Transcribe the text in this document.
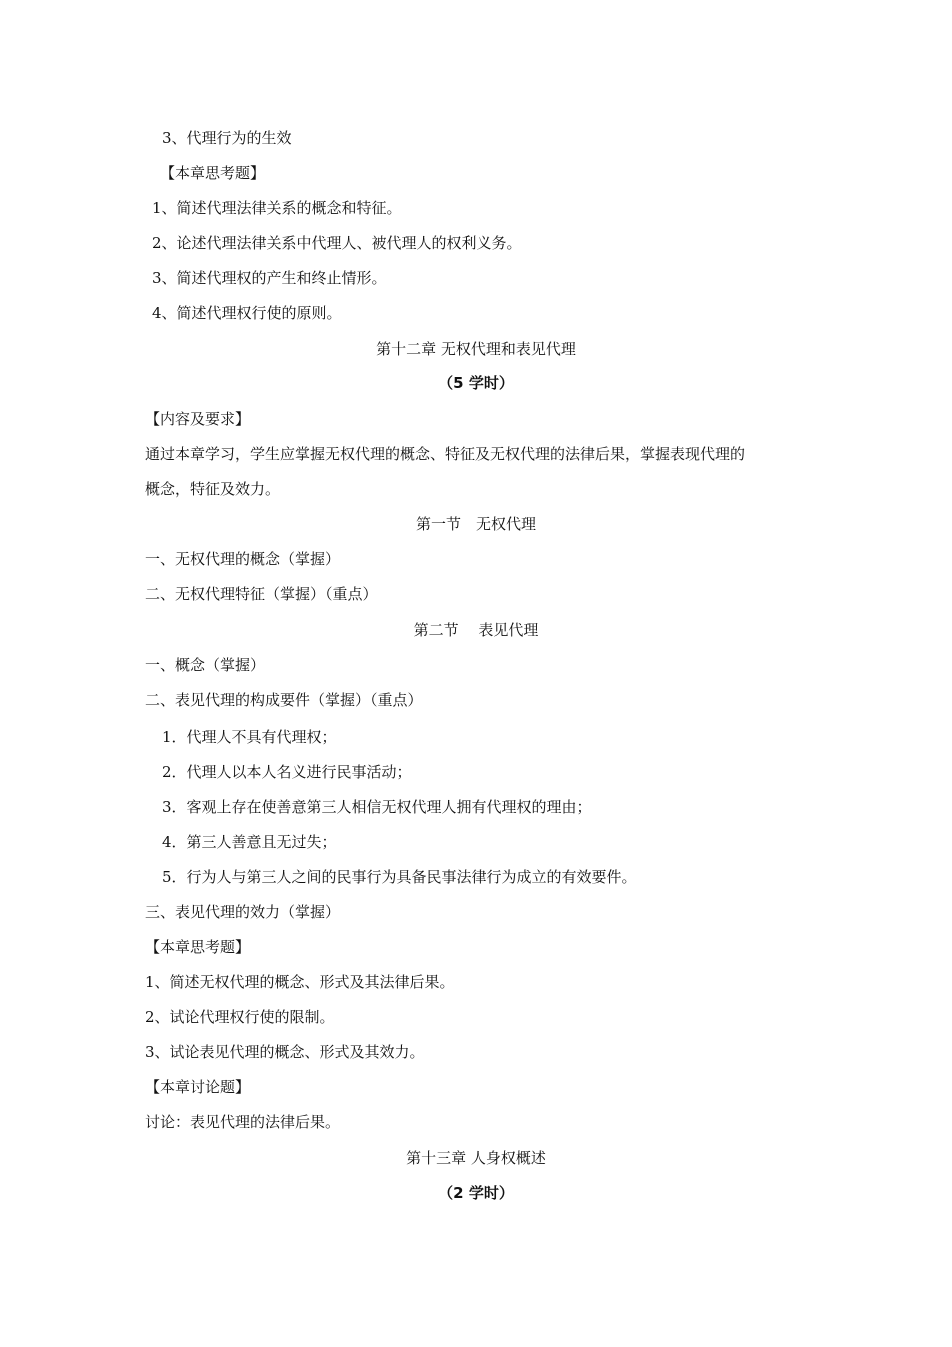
3、代理行为的生效
【本章思考题】
1、简述代理法律关系的概念和特征。
2、论述代理法律关系中代理人、被代理人的权利义务。
3、简述代理权的产生和终止情形。
4、简述代理权行使的原则。
第十二章 无权代理和表见代理
（5 学时）
【内容及要求】
通过本章学习，学生应掌握无权代理的概念、特征及无权代理的法律后果，掌握表现代理的
概念，特征及效力。
第一节　无权代理
一、无权代理的概念（掌握）
二、无权代理特征（掌握）（重点）
第二节　 表见代理
一、概念（掌握）
二、表见代理的构成要件（掌握）（重点）
1．代理人不具有代理权；
2．代理人以本人名义进行民事活动；
3．客观上存在使善意第三人相信无权代理人拥有代理权的理由；
4．第三人善意且无过失；
5．行为人与第三人之间的民事行为具备民事法律行为成立的有效要件。
三、表见代理的效力（掌握）
【本章思考题】
1、简述无权代理的概念、形式及其法律后果。
2、试论代理权行使的限制。
3、试论表见代理的概念、形式及其效力。
【本章讨论题】
讨论：表见代理的法律后果。
第十三章 人身权概述
（2 学时）
